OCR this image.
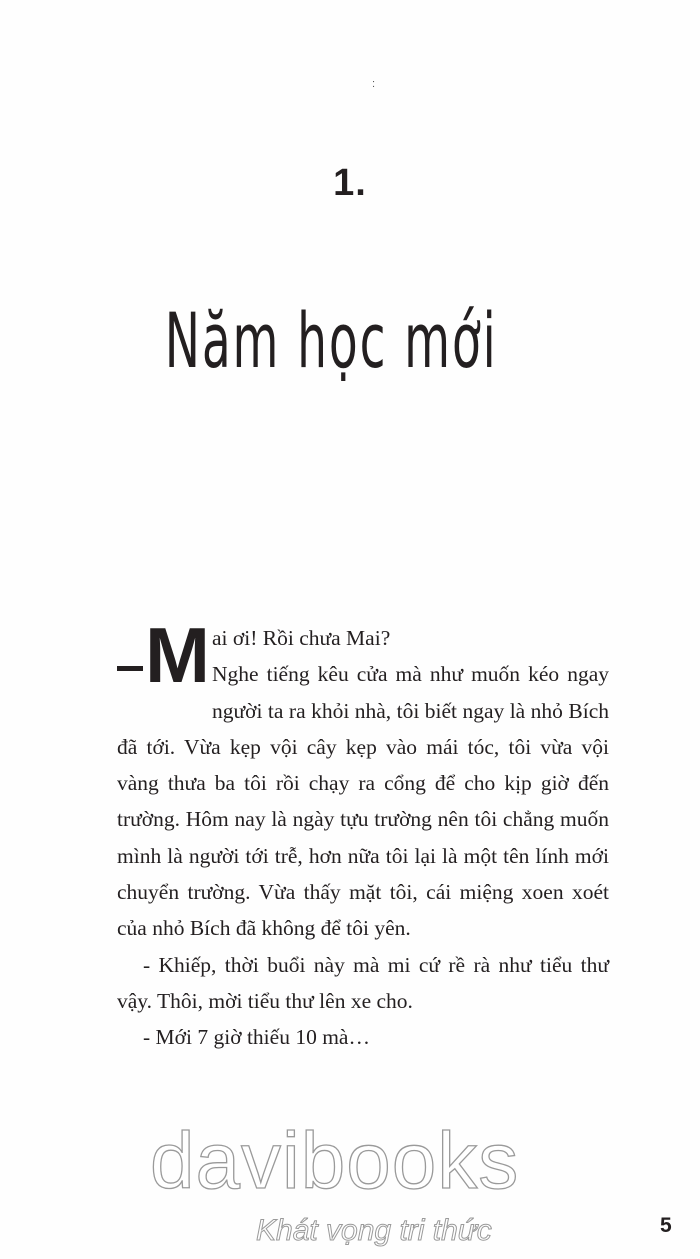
:
1.
Năm học mới
M ai ơi! Rồi chưa Mai?

Nghe tiếng kêu cửa mà như muốn kéo ngay người ta ra khỏi nhà, tôi biết ngay là nhỏ Bích đã tới. Vừa kẹp vội cây kẹp vào mái tóc, tôi vừa vội vàng thưa ba tôi rồi chạy ra cổng để cho kịp giờ đến trường. Hôm nay là ngày tựu trường nên tôi chẳng muốn mình là người tới trễ, hơn nữa tôi lại là một tên lính mới chuyển trường. Vừa thấy mặt tôi, cái miệng xoen xoét của nhỏ Bích đã không để tôi yên.

- Khiếp, thời buổi này mà mi cứ rề rà như tiểu thư vậy. Thôi, mời tiểu thư lên xe cho.

- Mới 7 giờ thiếu 10 mà…

davibooks
Khát vọng tri thức	5
